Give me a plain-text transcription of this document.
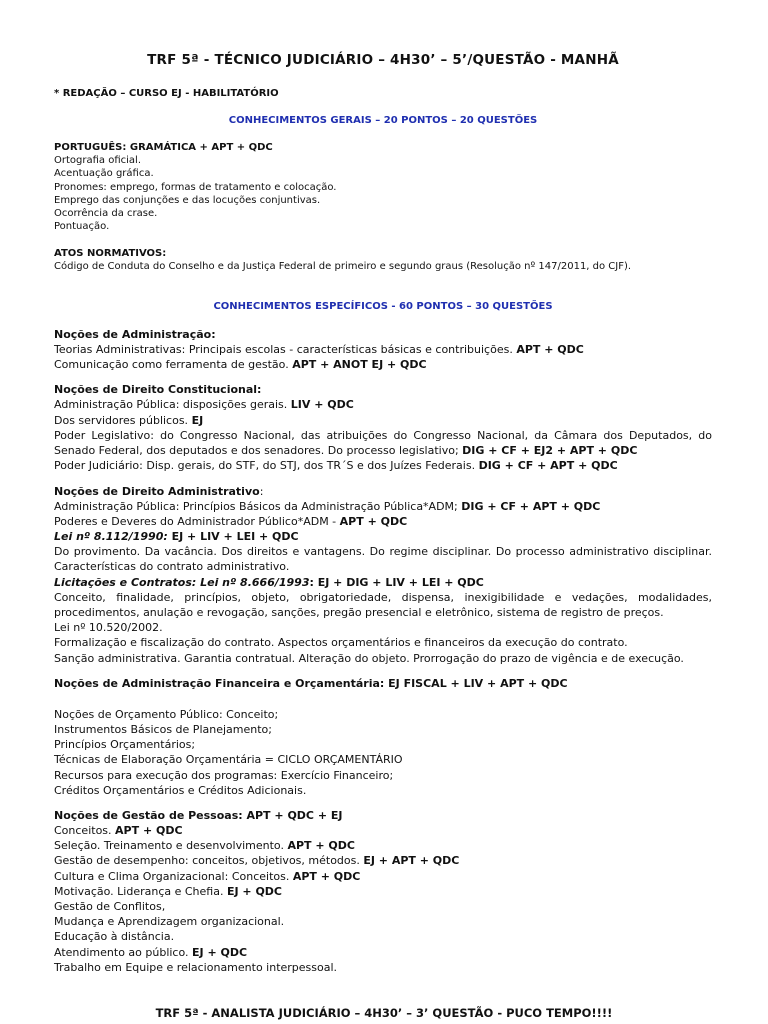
TRF 5ª - TÉCNICO JUDICIÁRIO – 4H30’ – 5’/QUESTÃO - MANHÃ
* REDAÇÃO – CURSO EJ - HABILITATÓRIO
CONHECIMENTOS GERAIS – 20 PONTOS – 20 QUESTÕES
PORTUGUÊS: GRAMÁTICA + APT + QDC
Ortografia oficial.
Acentuação gráfica.
Pronomes: emprego, formas de tratamento e colocação.
Emprego das conjunções e das locuções conjuntivas.
Ocorrência da crase.
Pontuação.
ATOS NORMATIVOS:
Código de Conduta do Conselho e da Justiça Federal de primeiro e segundo graus (Resolução nº 147/2011, do CJF).
CONHECIMENTOS ESPECÍFICOS - 60 PONTOS – 30 QUESTÕES
Noções de Administração:
Teorias Administrativas: Principais escolas - características básicas e contribuições. APT + QDC
Comunicação como ferramenta de gestão. APT + ANOT EJ + QDC
Noções de Direito Constitucional:
Administração Pública: disposições gerais. LIV + QDC
Dos servidores públicos. EJ

Poder Legislativo: do Congresso Nacional, das atribuições do Congresso Nacional, da Câmara dos Deputados, do Senado Federal, dos deputados e dos senadores. Do processo legislativo; DIG + CF + EJ2 + APT + QDC

Poder Judiciário: Disp. gerais, do STF, do STJ, dos TR´S e dos Juízes Federais. DIG + CF + APT + QDC
Noções de Direito Administrativo:
Administração Pública: Princípios Básicos da Administração Pública*ADM; DIG + CF + APT + QDC
Poderes e Deveres do Administrador Público*ADM - APT + QDC
Lei nº 8.112/1990: EJ + LIV + LEI + QDC

Do provimento. Da vacância. Dos direitos e vantagens. Do regime disciplinar. Do processo administrativo disciplinar. Características do contrato administrativo.

Licitações e Contratos: Lei nº 8.666/1993: EJ + DIG + LIV + LEI + QDC

Conceito, finalidade, princípios, objeto, obrigatoriedade, dispensa, inexigibilidade e vedações, modalidades, procedimentos, anulação e revogação, sanções, pregão presencial e eletrônico, sistema de registro de preços.

Lei nº 10.520/2002.
Formalização e fiscalização do contrato. Aspectos orçamentários e financeiros da execução do contrato.
Sanção administrativa. Garantia contratual. Alteração do objeto. Prorrogação do prazo de vigência e de execução.
Noções de Administração Financeira e Orçamentária: EJ FISCAL + LIV + APT + QDC
Noções de Orçamento Público: Conceito;
Instrumentos Básicos de Planejamento;
Princípios Orçamentários;
Técnicas de Elaboração Orçamentária = CICLO ORÇAMENTÁRIO
Recursos para execução dos programas: Exercício Financeiro;
Créditos Orçamentários e Créditos Adicionais.
Noções de Gestão de Pessoas: APT + QDC + EJ
Conceitos. APT + QDC
Seleção. Treinamento e desenvolvimento. APT + QDC
Gestão de desempenho: conceitos, objetivos, métodos. EJ + APT + QDC
Cultura e Clima Organizacional: Conceitos. APT + QDC
Motivação. Liderança e Chefia. EJ + QDC
Gestão de Conflitos,
Mudança e Aprendizagem organizacional.
Educação à distância.
Atendimento ao público. EJ + QDC
Trabalho em Equipe e relacionamento interpessoal.
TRF 5ª - ANALISTA JUDICIÁRIO – 4H30’ – 3’ QUESTÃO - PUCO TEMPO!!!!
